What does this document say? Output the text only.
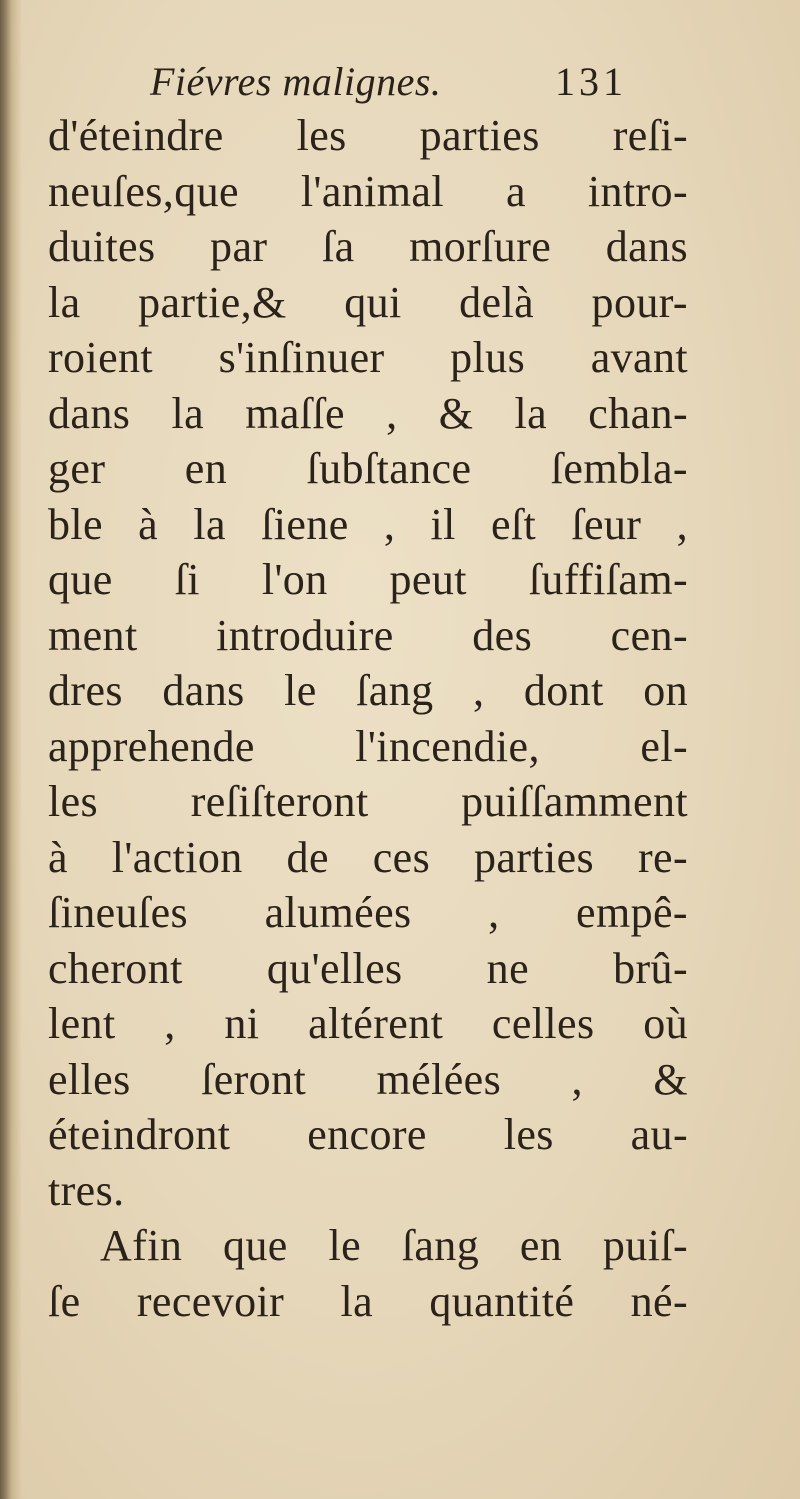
Fiévres malignes.	131
d'éteindre les parties reſi-
neuſes,que l'animal a intro-
duites par ſa morſure dans
la partie,& qui delà pour-
roient s'inſinuer plus avant
dans la maſſe , & la chan-
ger en ſubſtance ſembla-
ble à la ſiene , il eſt ſeur ,
que ſi l'on peut ſuffiſam-
ment introduire des cen-
dres dans le ſang , dont on
apprehende l'incendie, el-
les reſiſteront puiſſamment
à l'action de ces parties re-
ſineuſes alumées , empê-
cheront qu'elles ne brû-
lent , ni altérent celles où
elles ſeront mélées , &
éteindront encore les au-
tres.
Afin que le ſang en puiſ-
ſe recevoir la quantité né-
